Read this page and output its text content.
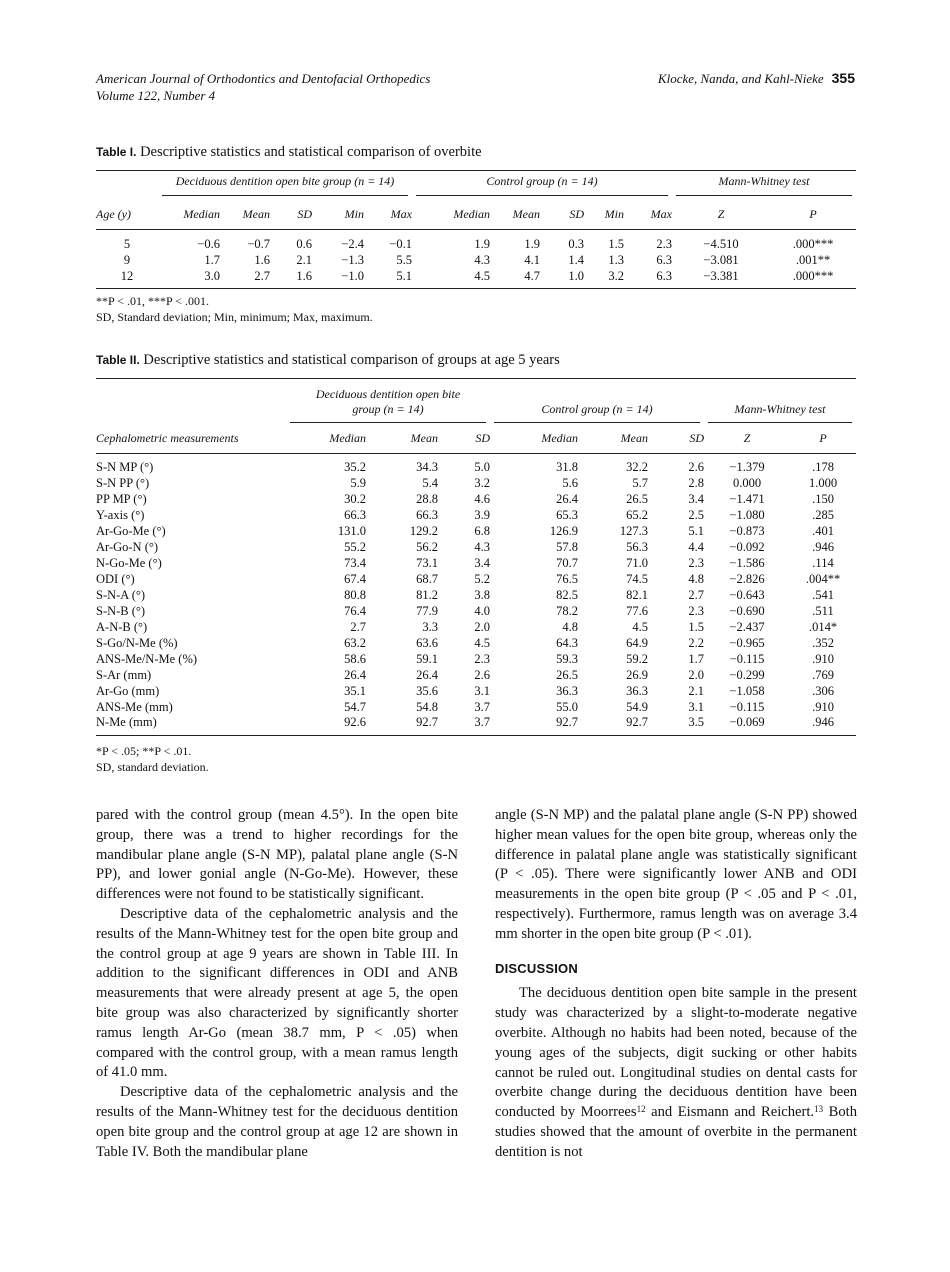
American Journal of Orthodontics and Dentofacial Orthopedics
Volume 122, Number 4
Klocke, Nanda, and Kahl-Nieke 355
Table I. Descriptive statistics and statistical comparison of overbite

	Deciduous dentition open bite group (n = 14)					Control group (n = 14)					Mann-Whitney test	

Age (y)	Median	Mean	SD	Min	Max	Median	Mean	SD	Min	Max	Z	P
5	−0.6	−0.7	0.6	−2.4	−0.1	1.9	1.9	0.3	1.5	2.3	−4.510	.000***
9	1.7	1.6	2.1	−1.3	5.5	4.3	4.1	1.4	1.3	6.3	−3.081	.001**
12	3.0	2.7	1.6	−1.0	5.1	4.5	4.7	1.0	3.2	6.3	−3.381	.000***
**P < .01, ***P < .001.
SD, Standard deviation; Min, minimum; Max, maximum.
Table II. Descriptive statistics and statistical comparison of groups at age 5 years

	Deciduous dentition open bite
group (n = 14)			Control group (n = 14)			Mann-Whitney test	

Cephalometric measurements	Median	Mean	SD	Median	Mean	SD	Z	P
S-N MP (°)	35.2	34.3	5.0	31.8	32.2	2.6	−1.379	.178
S-N PP (°)	5.9	5.4	3.2	5.6	5.7	2.8	0.000	1.000
PP MP (°)	30.2	28.8	4.6	26.4	26.5	3.4	−1.471	.150
Y-axis (°)	66.3	66.3	3.9	65.3	65.2	2.5	−1.080	.285
Ar-Go-Me (°)	131.0	129.2	6.8	126.9	127.3	5.1	−0.873	.401
Ar-Go-N (°)	55.2	56.2	4.3	57.8	56.3	4.4	−0.092	.946
N-Go-Me (°)	73.4	73.1	3.4	70.7	71.0	2.3	−1.586	.114
ODI (°)	67.4	68.7	5.2	76.5	74.5	4.8	−2.826	.004**
S-N-A (°)	80.8	81.2	3.8	82.5	82.1	2.7	−0.643	.541
S-N-B (°)	76.4	77.9	4.0	78.2	77.6	2.3	−0.690	.511
A-N-B (°)	2.7	3.3	2.0	4.8	4.5	1.5	−2.437	.014*
S-Go/N-Me (%)	63.2	63.6	4.5	64.3	64.9	2.2	−0.965	.352
ANS-Me/N-Me (%)	58.6	59.1	2.3	59.3	59.2	1.7	−0.115	.910
S-Ar (mm)	26.4	26.4	2.6	26.5	26.9	2.0	−0.299	.769
Ar-Go (mm)	35.1	35.6	3.1	36.3	36.3	2.1	−1.058	.306
ANS-Me (mm)	54.7	54.8	3.7	55.0	54.9	3.1	−0.115	.910
N-Me (mm)	92.6	92.7	3.7	92.7	92.7	3.5	−0.069	.946
*P < .05; **P < .01.
SD, standard deviation.

pared with the control group (mean 4.5°). In the open bite group, there was a trend to higher recordings for the mandibular plane angle (S-N MP), palatal plane angle (S-N PP), and lower gonial angle (N-Go-Me). However, these differences were not found to be statistically significant.

Descriptive data of the cephalometric analysis and the results of the Mann-Whitney test for the open bite group and the control group at age 9 years are shown in Table III. In addition to the significant differences in ODI and ANB measurements that were already present at age 5, the open bite group was also characterized by significantly shorter ramus length Ar-Go (mean 38.7 mm, P < .05) when compared with the control group, with a mean ramus length of 41.0 mm.

Descriptive data of the cephalometric analysis and the results of the Mann-Whitney test for the deciduous dentition open bite group and the control group at age 12 are shown in Table IV. Both the mandibular plane

angle (S-N MP) and the palatal plane angle (S-N PP) showed higher mean values for the open bite group, whereas only the difference in palatal plane angle was statistically significant (P < .05). There were significantly lower ANB and ODI measurements in the open bite group (P < .05 and P < .01, respectively). Furthermore, ramus length was on average 3.4 mm shorter in the open bite group (P < .01).

DISCUSSION

The deciduous dentition open bite sample in the present study was characterized by a slight-to-moderate negative overbite. Although no habits had been noted, because of the young ages of the subjects, digit sucking or other habits cannot be ruled out. Longitudinal studies on dental casts for overbite change during the deciduous dentition have been conducted by Moorrees$^{12}$ and Eismann and Reichert.$^{13}$ Both studies showed that the amount of overbite in the permanent dentition is not
